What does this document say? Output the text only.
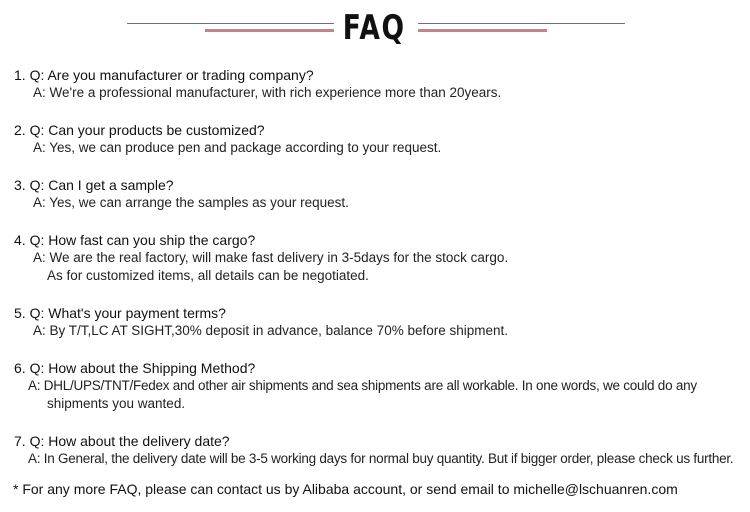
FAQ
1. Q: Are you manufacturer or trading company?
A: We're a professional manufacturer, with rich experience more than 20years.
2. Q: Can your products be customized?
A: Yes, we can produce pen and package according to your request.
3. Q: Can I get a sample?
A: Yes, we can arrange the samples as your request.
4. Q: How fast can you ship the cargo?
A: We are the real factory, will make fast delivery in 3-5days for the stock cargo.
As for customized items, all details can be negotiated.
5. Q: What's your payment terms?
A: By T/T,LC AT SIGHT,30% deposit in advance, balance 70% before shipment.
6. Q: How about the Shipping Method?
A: DHL/UPS/TNT/Fedex and other air shipments and sea shipments are all workable. In one words, we could do any
shipments you wanted.
7. Q: How about the delivery date?
A: In General, the delivery date will be 3-5 working days for normal buy quantity. But if bigger order, please check us further.
* For any more FAQ, please can contact us by Alibaba account, or send email to michelle@lschuanren.com
